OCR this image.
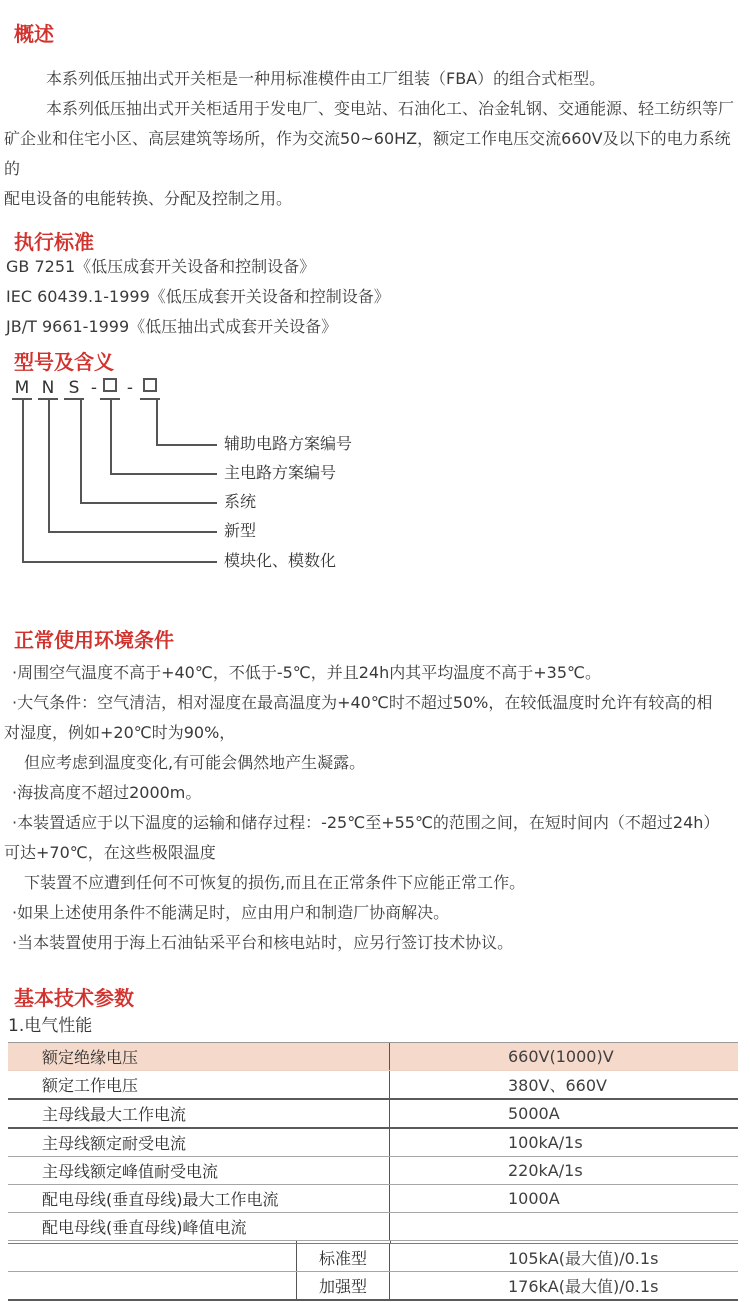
概述
本系列低压抽出式开关柜是一种用标准模件由工厂组装（FBA）的组合式柜型。
本系列低压抽出式开关柜适用于发电厂、变电站、石油化工、冶金轧钢、交通能源、轻工纺织等厂
矿企业和住宅小区、高层建筑等场所，作为交流50~60HZ，额定工作电压交流660V及以下的电力系统的
配电设备的电能转换、分配及控制之用。
执行标准
GB 7251《低压成套开关设备和控制设备》
IEC 60439.1-1999《低压成套开关设备和控制设备》
JB/T 9661-1999《低压抽出式成套开关设备》
型号及含义
M N S - -
辅助电路方案编号
主电路方案编号
系统
新型
模块化、模数化
正常使用环境条件
·周围空气温度不高于+40℃，不低于-5℃，并且24h内其平均温度不高于+35℃。
·大气条件：空气清洁，相对湿度在最高温度为+40℃时不超过50%，在较低温度时允许有较高的相
对湿度，例如+20℃时为90%，
但应考虑到温度变化,有可能会偶然地产生凝露。
·海拔高度不超过2000m。
·本装置适应于以下温度的运输和储存过程：-25℃至+55℃的范围之间，在短时间内（不超过24h）
可达+70℃，在这些极限温度
下装置不应遭到任何不可恢复的损伤,而且在正常条件下应能正常工作。
·如果上述使用条件不能满足时，应由用户和制造厂协商解决。
·当本装置使用于海上石油钻采平台和核电站时，应另行签订技术协议。
基本技术参数
1.电气性能
额定绝缘电压	660V(1000)V
额定工作电压	380V、660V
主母线最大工作电流	5000A
主母线额定耐受电流	100kA/1s
主母线额定峰值耐受电流	220kA/1s
配电母线(垂直母线)最大工作电流	1000A
配电母线(垂直母线)峰值电流
标准型	105kA(最大值)/0.1s
加强型	176kA(最大值)/0.1s
